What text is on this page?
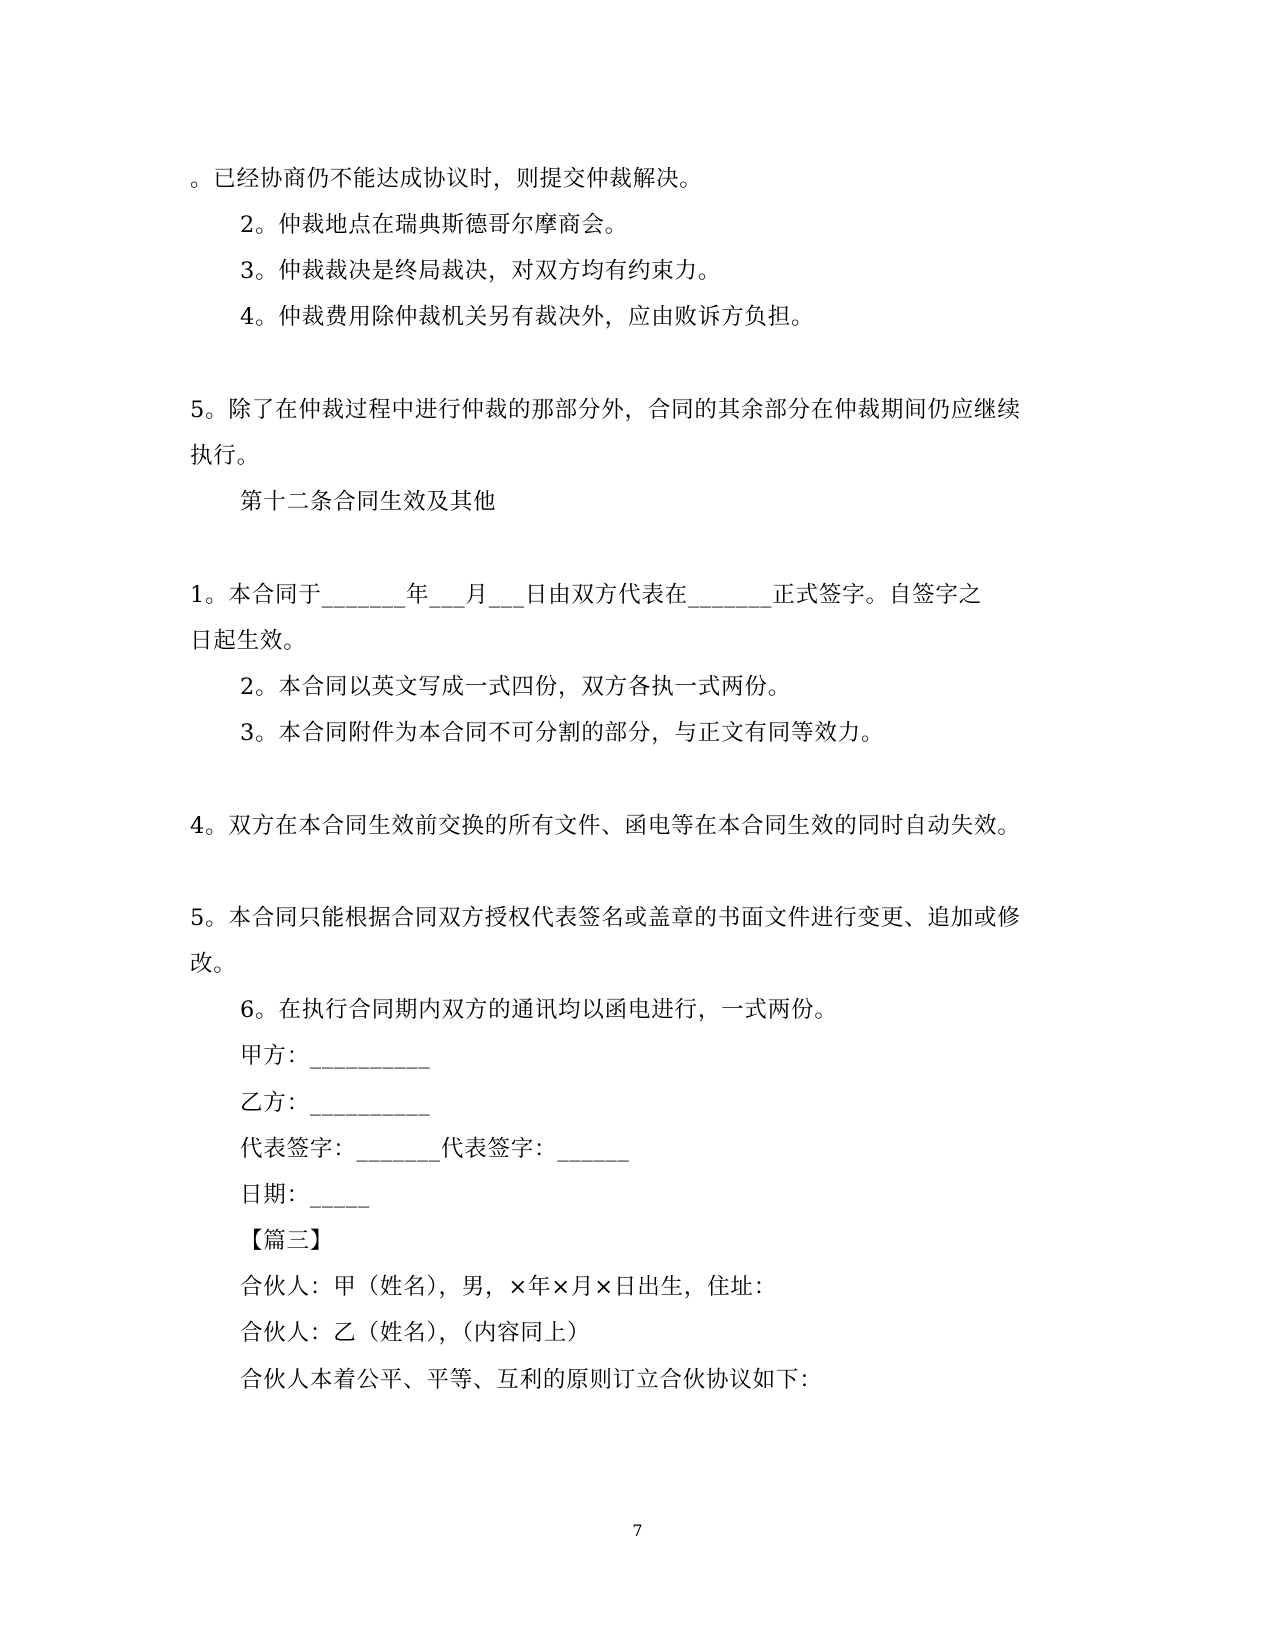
。已经协商仍不能达成协议时，则提交仲裁解决。
2。仲裁地点在瑞典斯德哥尔摩商会。
3。仲裁裁决是终局裁决，对双方均有约束力。
4。仲裁费用除仲裁机关另有裁决外，应由败诉方负担。
5。除了在仲裁过程中进行仲裁的那部分外，合同的其余部分在仲裁期间仍应继续
执行。
第十二条合同生效及其他
1。本合同于_______年___月___日由双方代表在_______正式签字。自签字之
日起生效。
2。本合同以英文写成一式四份，双方各执一式两份。
3。本合同附件为本合同不可分割的部分，与正文有同等效力。
4。双方在本合同生效前交换的所有文件、函电等在本合同生效的同时自动失效。
5。本合同只能根据合同双方授权代表签名或盖章的书面文件进行变更、追加或修
改。
6。在执行合同期内双方的通讯均以函电进行，一式两份。
甲方：__________
乙方：__________
代表签字：_______代表签字：______
日期：_____
【篇三】
合伙人：甲（姓名），男，×年×月×日出生，住址：
合伙人：乙（姓名），（内容同上）
合伙人本着公平、平等、互利的原则订立合伙协议如下：
7
